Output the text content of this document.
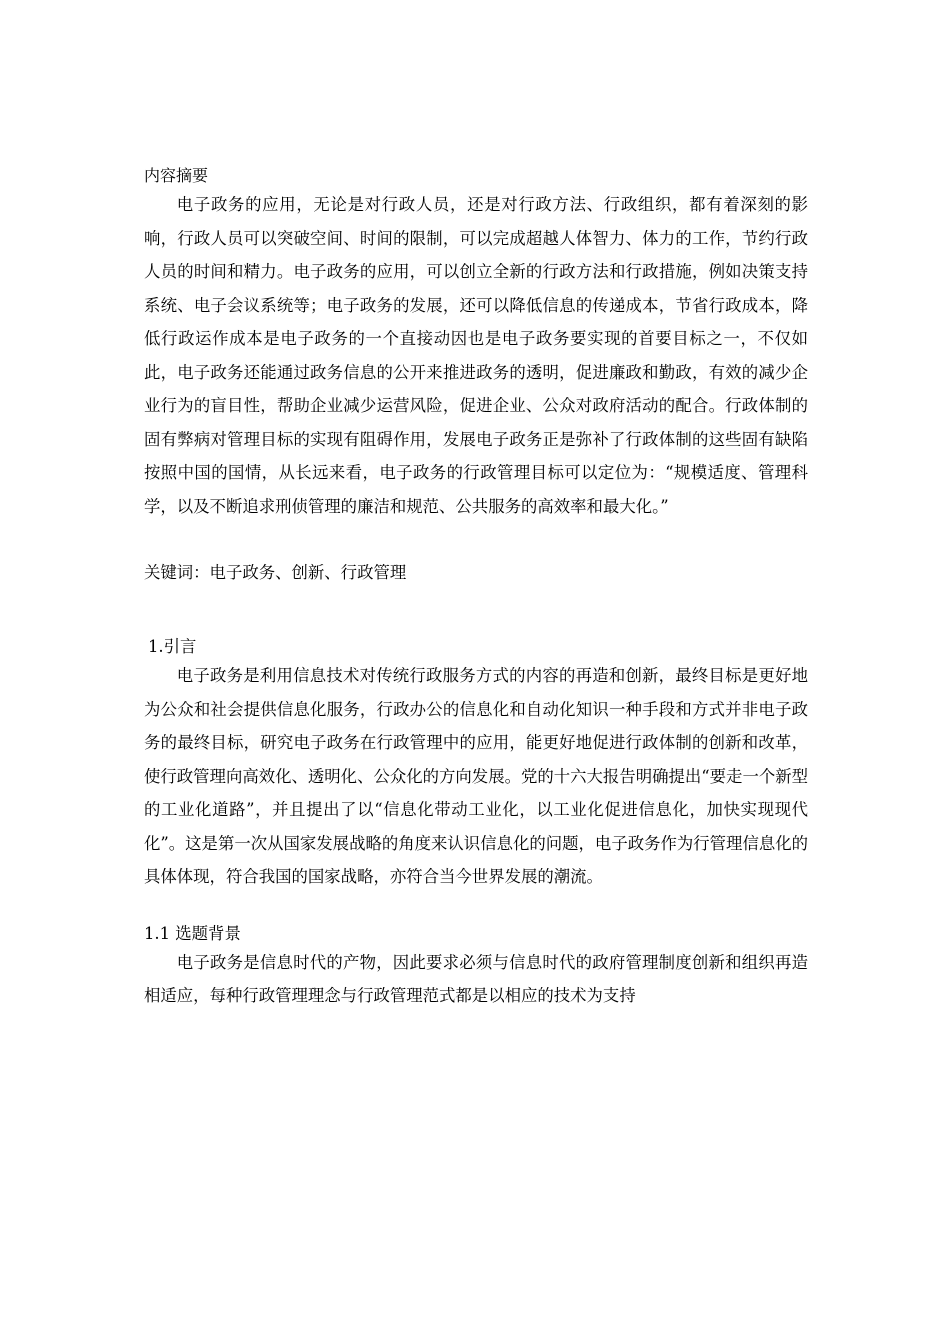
内容摘要

电子政务的应用，无论是对行政人员，还是对行政方法、行政组织，都有着深刻的影响，行政人员可以突破空间、时间的限制，可以完成超越人体智力、体力的工作，节约行政人员的时间和精力。电子政务的应用，可以创立全新的行政方法和行政措施，例如决策支持系统、电子会议系统等；电子政务的发展，还可以降低信息的传递成本，节省行政成本，降低行政运作成本是电子政务的一个直接动因也是电子政务要实现的首要目标之一，不仅如此，电子政务还能通过政务信息的公开来推进政务的透明，促进廉政和勤政，有效的减少企业行为的盲目性，帮助企业减少运营风险，促进企业、公众对政府活动的配合。行政体制的固有弊病对管理目标的实现有阻碍作用，发展电子政务正是弥补了行政体制的这些固有缺陷按照中国的国情，从长远来看，电子政务的行政管理目标可以定位为：“规模适度、管理科学，以及不断追求刑侦管理的廉洁和规范、公共服务的高效率和最大化。”

关键词：电子政务、创新、行政管理

1.引言

电子政务是利用信息技术对传统行政服务方式的内容的再造和创新，最终目标是更好地为公众和社会提供信息化服务，行政办公的信息化和自动化知识一种手段和方式并非电子政务的最终目标，研究电子政务在行政管理中的应用，能更好地促进行政体制的创新和改革，使行政管理向高效化、透明化、公众化的方向发展。党的十六大报告明确提出“要走一个新型的工业化道路”，并且提出了以“信息化带动工业化，以工业化促进信息化，加快实现现代化”。这是第一次从国家发展战略的角度来认识信息化的问题，电子政务作为行管理信息化的具体体现，符合我国的国家战略，亦符合当今世界发展的潮流。

1.1 选题背景

电子政务是信息时代的产物，因此要求必须与信息时代的政府管理制度创新和组织再造相适应，每种行政管理理念与行政管理范式都是以相应的技术为支持
